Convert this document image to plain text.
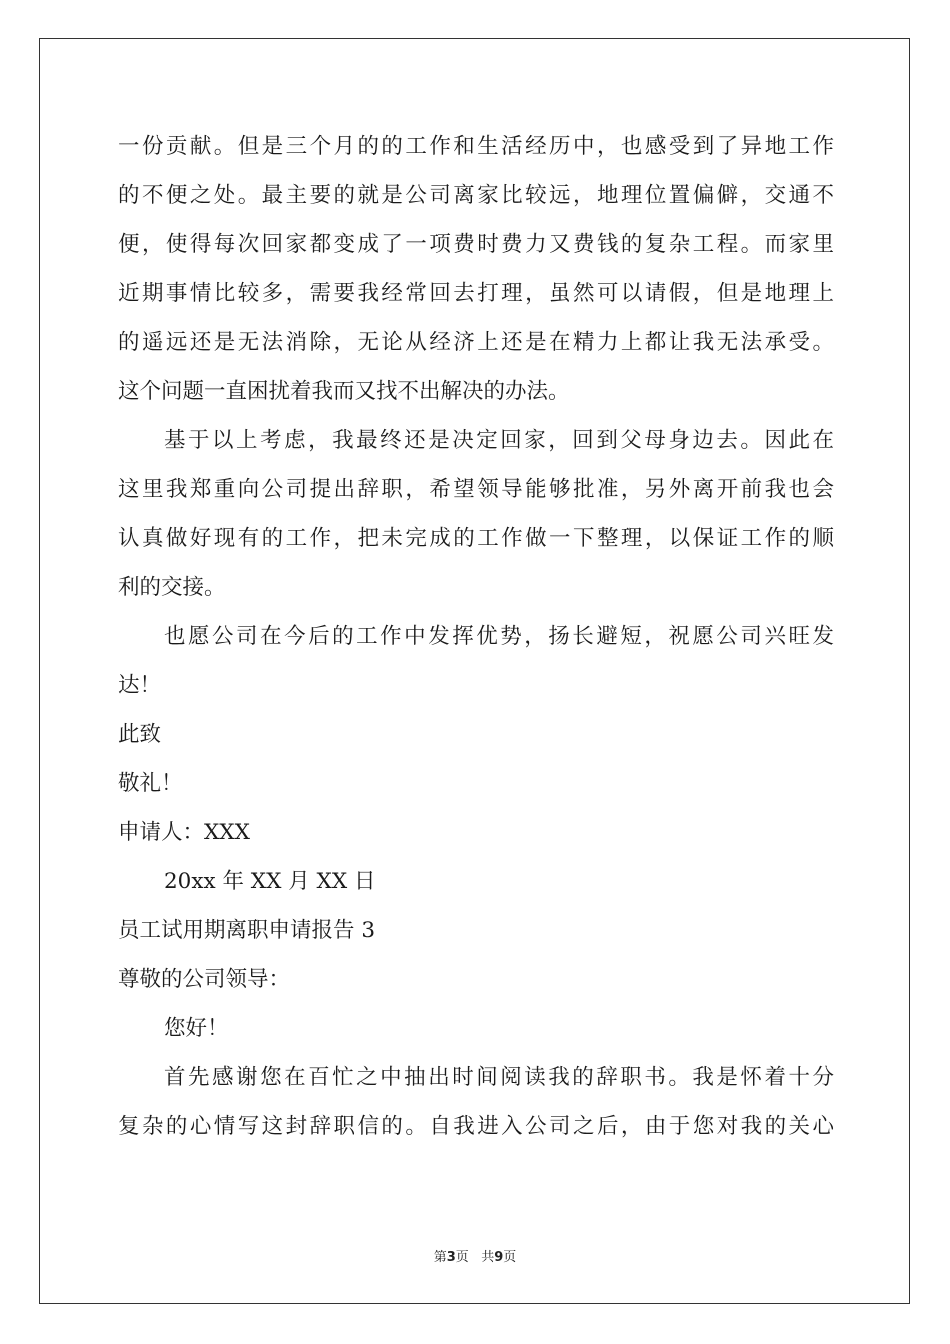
一份贡献。但是三个月的的工作和生活经历中，也感受到了异地工作
的不便之处。最主要的就是公司离家比较远，地理位置偏僻，交通不
便，使得每次回家都变成了一项费时费力又费钱的复杂工程。而家里
近期事情比较多，需要我经常回去打理，虽然可以请假，但是地理上
的遥远还是无法消除，无论从经济上还是在精力上都让我无法承受。
这个问题一直困扰着我而又找不出解决的办法。
基于以上考虑，我最终还是决定回家，回到父母身边去。因此在
这里我郑重向公司提出辞职，希望领导能够批准，另外离开前我也会
认真做好现有的工作，把未完成的工作做一下整理，以保证工作的顺
利的交接。
也愿公司在今后的工作中发挥优势，扬长避短，祝愿公司兴旺发
达！
此致
敬礼！
申请人：XXX
20xx 年 XX 月 XX 日
员工试用期离职申请报告 3
尊敬的公司领导：
您好！
首先感谢您在百忙之中抽出时间阅读我的辞职书。我是怀着十分
复杂的心情写这封辞职信的。自我进入公司之后，由于您对我的关心
第3页 共9页
